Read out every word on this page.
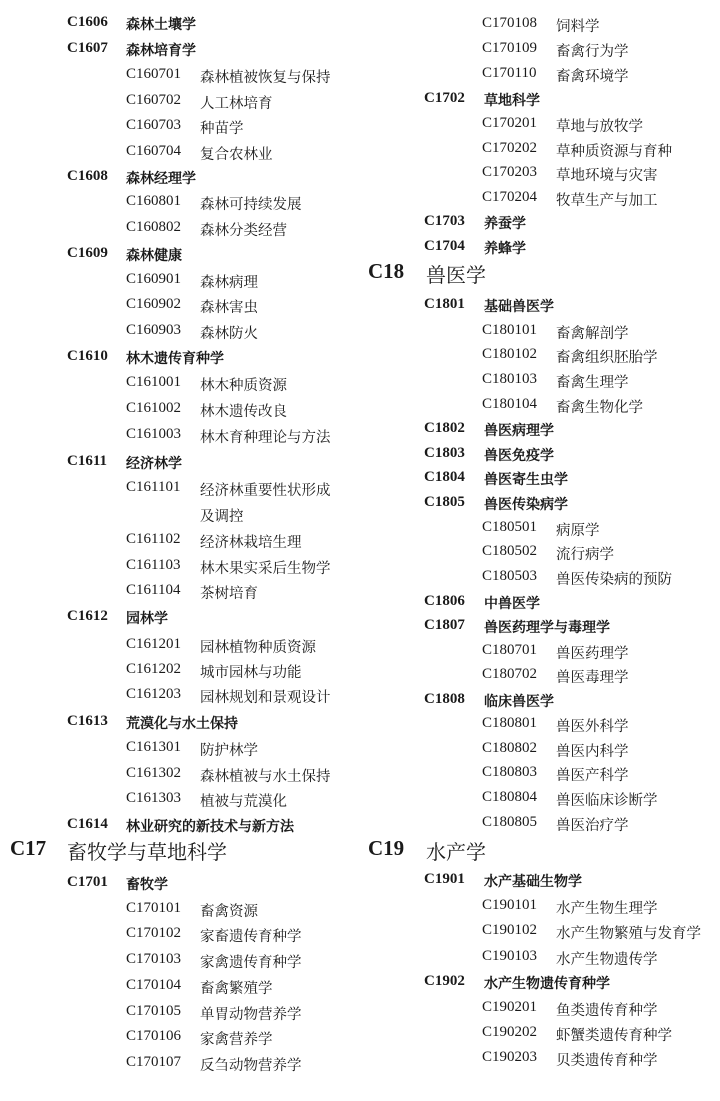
C1606 森林土壤学
C1607 森林培育学
C160701 森林植被恢复与保持
C160702 人工林培育
C160703 种苗学
C160704 复合农林业
C1608 森林经理学
C160801 森林可持续发展
C160802 森林分类经营
C1609 森林健康
C160901 森林病理
C160902 森林害虫
C160903 森林防火
C1610 林木遗传育种学
C161001 林木种质资源
C161002 林木遗传改良
C161003 林木育种理论与方法
C1611 经济林学
C161101 经济林重要性状形成
及调控
C161102 经济林栽培生理
C161103 林木果实采后生物学
C161104 茶树培育
C1612 园林学
C161201 园林植物种质资源
C161202 城市园林与功能
C161203 园林规划和景观设计
C1613 荒漠化与水土保持
C161301 防护林学
C161302 森林植被与水土保持
C161303 植被与荒漠化
C1614 林业研究的新技术与新方法
C17 畜牧学与草地科学
C1701 畜牧学
C170101 畜禽资源
C170102 家畜遗传育种学
C170103 家禽遗传育种学
C170104 畜禽繁殖学
C170105 单胃动物营养学
C170106 家禽营养学
C170107 反刍动物营养学
C170108 饲料学
C170109 畜禽行为学
C170110 畜禽环境学
C1702 草地科学
C170201 草地与放牧学
C170202 草种质资源与育种
C170203 草地环境与灾害
C170204 牧草生产与加工
C1703 养蚕学
C1704 养蜂学
C18 兽医学
C1801 基础兽医学
C180101 畜禽解剖学
C180102 畜禽组织胚胎学
C180103 畜禽生理学
C180104 畜禽生物化学
C1802 兽医病理学
C1803 兽医免疫学
C1804 兽医寄生虫学
C1805 兽医传染病学
C180501 病原学
C180502 流行病学
C180503 兽医传染病的预防
C1806 中兽医学
C1807 兽医药理学与毒理学
C180701 兽医药理学
C180702 兽医毒理学
C1808 临床兽医学
C180801 兽医外科学
C180802 兽医内科学
C180803 兽医产科学
C180804 兽医临床诊断学
C180805 兽医治疗学
C19 水产学
C1901 水产基础生物学
C190101 水产生物生理学
C190102 水产生物繁殖与发育学
C190103 水产生物遗传学
C1902 水产生物遗传育种学
C190201 鱼类遗传育种学
C190202 虾蟹类遗传育种学
C190203 贝类遗传育种学
